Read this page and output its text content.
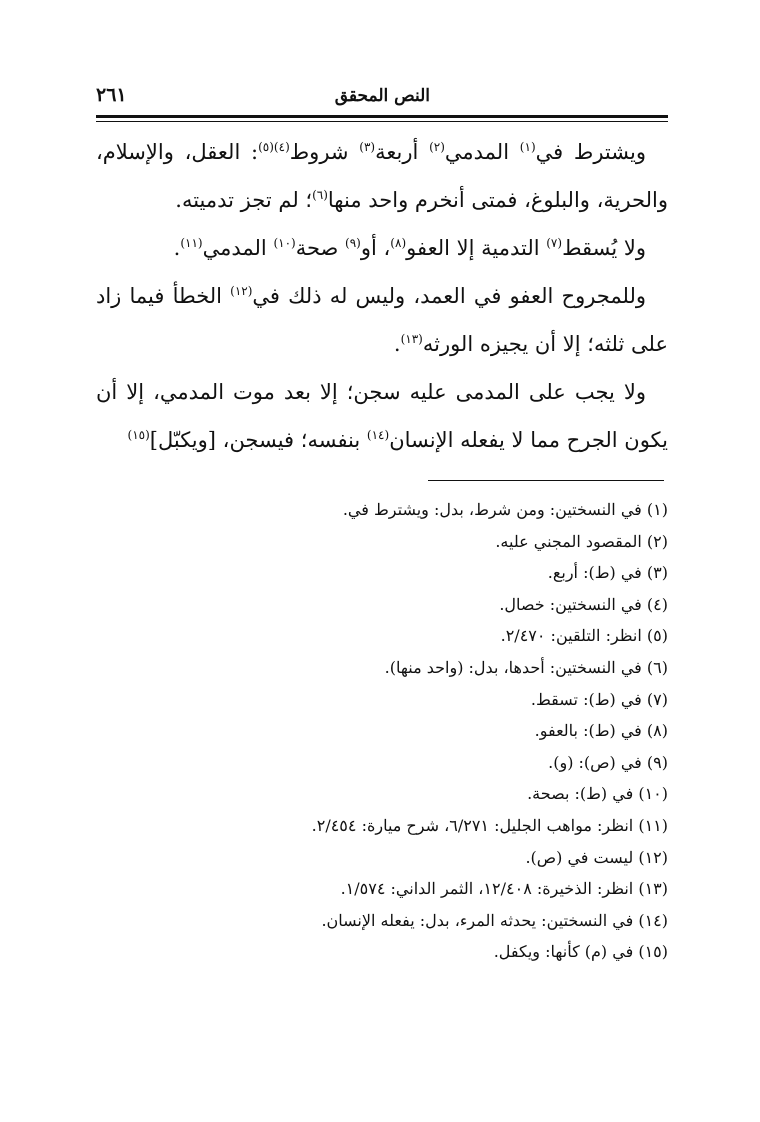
النص المحقق
٢٦١

ويشترط في$^{(١)}$ المدمي$^{(٢)}$ أربعة$^{(٣)}$ شروط$^{(٤)(٥)}$: العقل، والإسلام، والحرية، والبلوغ، فمتى أنخرم واحد منها$^{(٦)}$؛ لم تجز تدميته.

ولا يُسقط$^{(٧)}$ التدمية إلا العفو$^{(٨)}$، أو$^{(٩)}$ صحة$^{(١٠)}$ المدمي$^{(١١)}$.

وللمجروح العفو في العمد، وليس له ذلك في$^{(١٢)}$ الخطأ فيما زاد على ثلثه؛ إلا أن يجيزه الورثه$^{(١٣)}$.

ولا يجب على المدمى عليه سجن؛ إلا بعد موت المدمي، إلا أن يكون الجرح مما لا يفعله الإنسان$^{(١٤)}$ بنفسه؛ فيسجن، [ويكبّل]$^{(١٥)}$

(١) في النسختين: ومن شرط، بدل: ويشترط في.
(٢) المقصود المجني عليه.
(٣) في (ط): أربع.
(٤) في النسختين: خصال.
(٥) انظر: التلقين: ٢/٤٧٠.
(٦) في النسختين: أحدها، بدل: (واحد منها).
(٧) في (ط): تسقط.
(٨) في (ط): بالعفو.
(٩) في (ص): (و).
(١٠) في (ط): بصحة.
(١١) انظر: مواهب الجليل: ٦/٢٧١، شرح ميارة: ٢/٤٥٤.
(١٢) ليست في (ص).
(١٣) انظر: الذخيرة: ١٢/٤٠٨، الثمر الداني: ١/٥٧٤.
(١٤) في النسختين: يحدثه المرء، بدل: يفعله الإنسان.
(١٥) في (م) كأنها: ويكفل.
